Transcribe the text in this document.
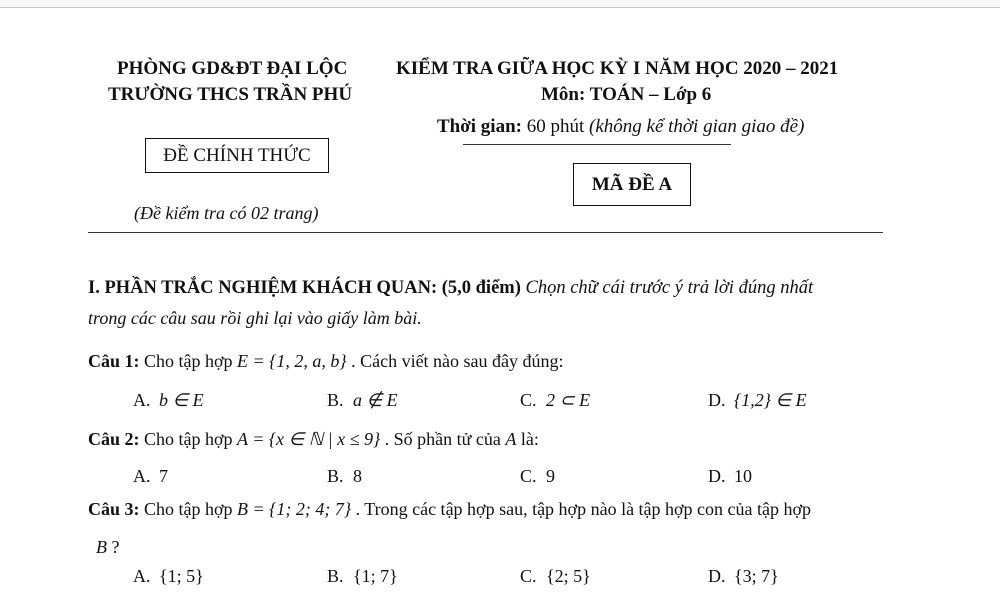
PHÒNG GD&ĐT ĐẠI LỘC
TRƯỜNG THCS TRẦN PHÚ
KIỂM TRA GIỮA HỌC KỲ I NĂM HỌC 2020 – 2021
Môn: TOÁN – Lớp 6
Thời gian: 60 phút (không kể thời gian giao đề)
ĐỀ CHÍNH THỨC
MÃ ĐỀ A
(Đề kiểm tra có 02 trang)
I. PHẦN TRẮC NGHIỆM KHÁCH QUAN: (5,0 điểm) Chọn chữ cái trước ý trả lời đúng nhất
trong các câu sau rồi ghi lại vào giấy làm bài.
Câu 1: Cho tập hợp E = {1, 2, a, b} . Cách viết nào sau đây đúng:
A. b ∈ E	B. a ∉ E	C. 2 ⊂ E	D. {1,2} ∈ E
Câu 2: Cho tập hợp A = {x ∈ ℕ | x ≤ 9} . Số phần tử của A là:
A. 7	B. 8	C. 9	D. 10
Câu 3: Cho tập hợp B = {1; 2; 4; 7} . Trong các tập hợp sau, tập hợp nào là tập hợp con của tập hợp
B ?
A. {1; 5}	B. {1; 7}	C. {2; 5}	D. {3; 7}
